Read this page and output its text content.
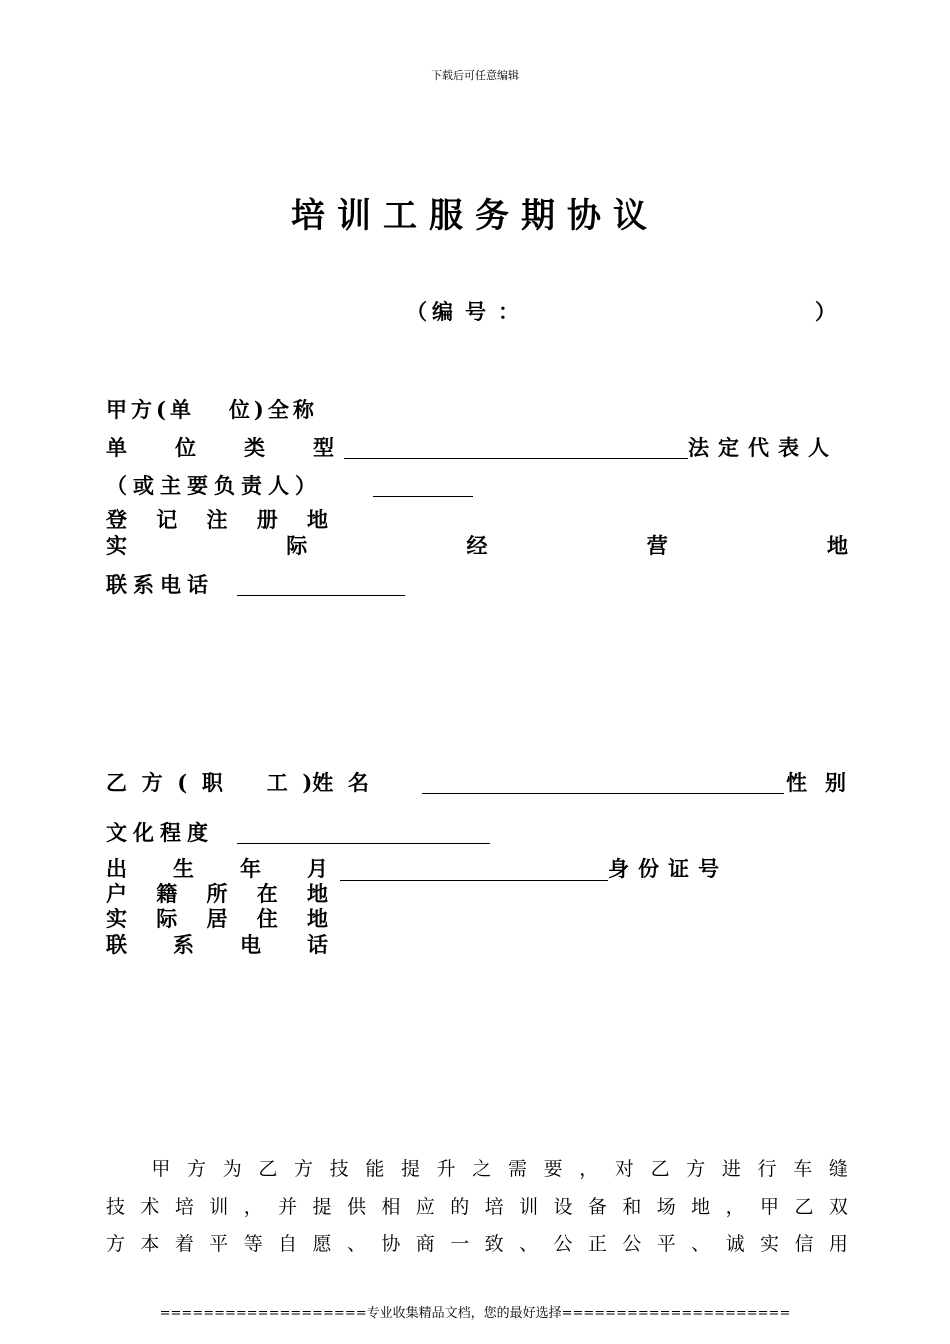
下载后可任意编辑
培训工服务期协议
（ 编号：	）
甲方(单 位)全称
单 位 类 型	法定代表人
（或主要负责人）
登 记 注 册 地
实	际	经	营	地
联系电话
乙 方 ( 职 工 )姓 名	性别
文化程度
出 生 年 月	身份证号
户 籍 所 在 地
实 际 居 住 地
联 系 电 话

甲 方 为 乙 方 技 能 提 升 之 需 要 ， 对 乙 方 进 行 车 缝
技 术 培 训 ， 并 提 供 相 应 的 培 训 设 备 和 场 地 ， 甲 乙 双
方 本 着 平 等 自 愿 、 协 商 一 致 、 公 正 公 平 、 诚 实 信 用
===================专业收集精品文档，您的最好选择=====================
